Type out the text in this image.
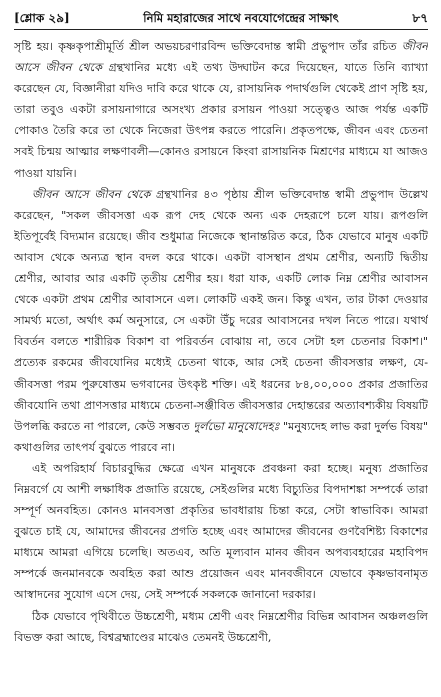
[শ্লোক ২৯]	নিমি মহারাজের সাথে নবযোগেন্দ্রের সাক্ষাৎ	৮৭

সৃষ্টি হয়। কৃষ্ণকৃপাশ্রীমূর্তি শ্রীল অভয়চরণারবিন্দ ভক্তিবেদান্ত স্বামী প্রভুপাদ তাঁর রচিত জীবন আসে জীবন থেকে গ্রন্থখানির মধ্যে এই তথ্য উদ্ঘাটন করে দিয়েছেন, যাতে তিনি ব্যাখ্যা করেছেন যে, বিজ্ঞানীরা যদিও দাবি করে থাকে যে, রাসায়নিক পদার্থগুলি থেকেই প্রাণ সৃষ্টি হয়, তারা তবুও একটা রসায়নাগারে অসংখ্য প্রকার রসায়ন পাওয়া সত্ত্বেও আজ পর্যন্ত একটি পোকাও তৈরি করে তা থেকে নিজেরা উৎপন্ন করতে পারেনি। প্রকৃতপক্ষে, জীবন এবং চেতনা সবই চিন্ময় আত্মার লক্ষণাবলী—কোনও রসায়নে কিংবা রাসায়নিক মিশ্রণের মাধ্যমে যা আজও পাওয়া যায়নি।

জীবন আসে জীবন থেকে গ্রন্থখানির ৪৩ পৃষ্ঠায় শ্রীল ভক্তিবেদান্ত স্বামী প্রভুপাদ উল্লেখ করেছেন, "সকল জীবসত্তা এক রূপ দেহ থেকে অন্য এক দেহরূপে চলে যায়। রূপগুলি ইতিপূর্বেই বিদ্যমান রয়েছে। জীব শুধুমাত্র নিজেকে স্থানান্তরিত করে, ঠিক যেভাবে মানুষ একটি আবাস থেকে অন্যত্র স্থান বদল করে থাকে। একটা বাসস্থান প্রথম শ্রেণীর, অন্যটি দ্বিতীয় শ্রেণীর, আবার আর একটি তৃতীয় শ্রেণীর হয়। ধরা যাক, একটি লোক নিম্ন শ্রেণীর আবাসন থেকে একটা প্রথম শ্রেণীর আবাসনে এল। লোকটি একই জন। কিন্তু এখন, তার টাকা দেওয়ার সামর্থ্য মতো, অর্থাৎ কর্ম অনুসারে, সে একটা উঁচু দরের আবাসনের দখল নিতে পারে। যথার্থ বিবর্তন বলতে শারীরিক বিকাশ বা পরিবর্তন বোঝায় না, তবে সেটা হল চেতনার বিকাশ।" প্রত্যেক রকমের জীবযোনির মধ্যেই চেতনা থাকে, আর সেই চেতনা জীবসত্তার লক্ষণ, যে-জীবসত্তা পরম পুরুষোত্তম ভগবানের উৎকৃষ্ট শক্তি। এই ধরনের ৮৪,০০,০০০ প্রকার প্রজাতির জীবযোনি তথা প্রাণসত্তার মাধ্যমে চেতনা-সঞ্জীবিত জীবসত্তার দেহান্তরের অত্যাবশ্যকীয় বিষয়টি উপলব্ধি করতে না পারলে, কেউ সম্ভবত দুর্লভো মানুষোদেহঃ "মনুষ্যদেহ লাভ করা দুর্লভ বিষয়" কথাগুলির তাৎপর্য বুঝতে পারবে না।

এই অপরিহার্য বিচারবুদ্ধির ক্ষেত্রে এখন মানুষকে প্রবঞ্চনা করা হচ্ছে। মনুষ্য প্রজাতির নিম্নবর্গে যে আশী লক্ষাধিক প্রজাতি রয়েছে, সেইগুলির মধ্যে বিচ্যুতির বিপদাশঙ্কা সম্পর্কে তারা সম্পূর্ণ অনবহিত। কোনও মানবসত্তা প্রকৃতির ভাবধারায় চিন্তা করে, সেটা স্বাভাবিক। আমরা বুঝতে চাই যে, আমাদের জীবনের প্রগতি হচ্ছে এবং আমাদের জীবনের গুণবৈশিষ্ট্য বিকাশের মাধ্যমে আমরা এগিয়ে চলেছি। অতএব, অতি মূল্যবান মানব জীবন অপব্যবহারের মহাবিপদ সম্পর্কে জনমানবকে অবহিত করা আশু প্রয়োজন এবং মানবজীবনে যেভাবে কৃষ্ণভাবনামৃত আস্বাদনের সুযোগ এসে দেয়, সেই সম্পর্কে সকলকে জানানো দরকার।

ঠিক যেভাবে পৃথিবীতে উচ্চশ্রেণী, মধ্যম শ্রেণী এবং নিম্নশ্রেণীর বিভিন্ন আবাসন অঞ্চলগুলি বিভক্ত করা আছে, বিশ্বব্রহ্মাণ্ডের মাঝেও তেমনই উচ্চশ্রেণী,
